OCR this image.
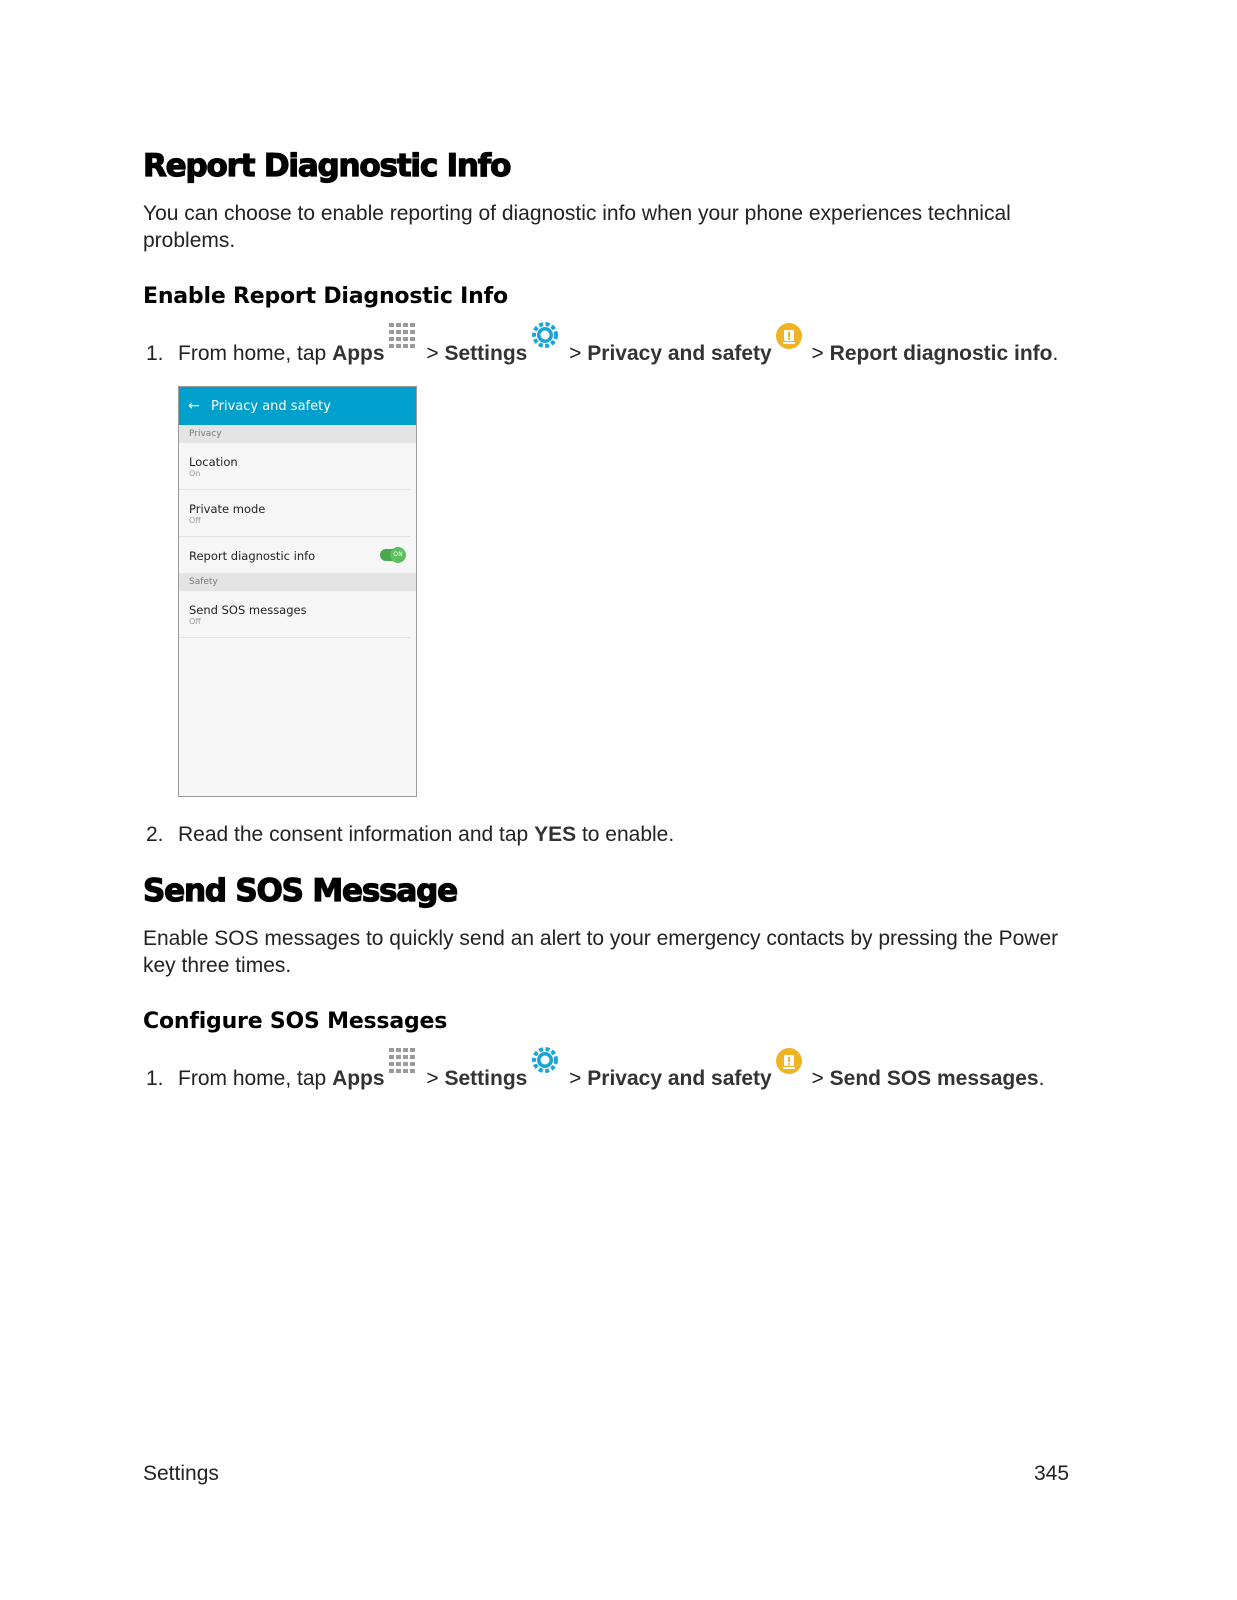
Report Diagnostic Info

You can choose to enable reporting of diagnostic info when your phone experiences technical problems.

Enable Report Diagnostic Info

1. From home, tap Apps
> Settings
> Privacy and safety
> Report diagnostic info.

← Privacy and safety
Privacy
Location
On
Private mode
Off
Report diagnostic info	ON
Safety
Send SOS messages
Off

2. Read the consent information and tap YES to enable.

Send SOS Message

Enable SOS messages to quickly send an alert to your emergency contacts by pressing the Power key three times.

Configure SOS Messages

1. From home, tap Apps
> Settings
> Privacy and safety
> Send SOS messages.

Settings	345
